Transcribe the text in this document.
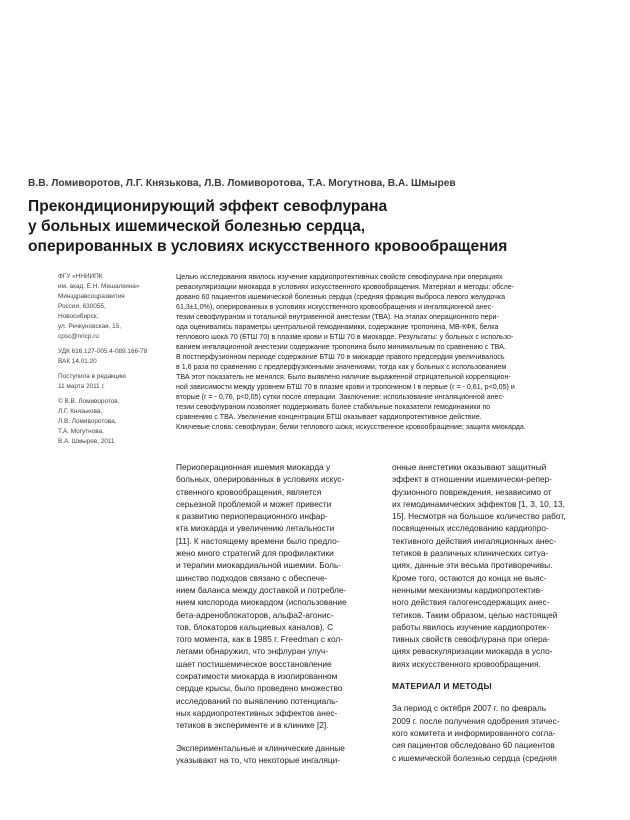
В.В. Ломиворотов, Л.Г. Князькова, Л.В. Ломиворотова, Т.А. Могутнова, В.А. Шмырев
Прекондиционирующий эффект севофлурана
у больных ишемической болезнью сердца,
оперированных в условиях искусственного кровообращения
ФГУ «ННИИПК
им. акад. Е.Н. Мешалкина»
Минздравсоцразвития
России, 630055,
Новосибирск,
ул. Речкуновская, 15,
cpsc@nricp.ru
УДК 616.127-005.4-089.166-78
ВАК 14.01.20
Поступила в редакцию
11 марта 2011 г.
© В.В. Ломиворотов,
Л.Г. Князькова,
Л.В. Ломиворотова,
Т.А. Могутнова,
В.А. Шмырев, 2011
Целью исследования явилось изучение кардиопротективных свойств севофлурана при операциях
реваскуляризации миокарда в условиях искусственного кровообращения. Материал и методы: обсле-
довано 60 пациентов ишемической болезнью сердца (средняя фракция выброса левого желудочка
61,3±1,0%), оперированных в условиях искусственного кровообращения и ингаляционной анес-
тезии севофлураном и тотальной внутривенной анестезии (ТВА). На этапах операционного пери-
ода оценивались параметры центральной гемодинамики, содержание тропонина, МВ-КФК, белка
теплового шока 70 (БТШ 70) в плазме крови и БТШ 70 в миокарде. Результаты: у больных с использо-
ванием ингаляционной анестезии содержание тропонина было минимальным по сравнению с ТВА.
В постперфузионном периоде содержание БТШ 70 в миокарде правого предсердия увеличивалось
в 1,6 раза по сравнению с предперфузионными значениями, тогда как у больных с использованием
ТВА этот показатель не менялся. Было выявлено наличие выраженной отрицательной корреляцион-
ной зависимости между уровнем БТШ 70 в плазме крови и тропонином I в первые (r = - 0,61, p<0,05) и
вторые (r = - 0,76, p<0,05) сутки после операции. Заключение: использование ингаляционной анес-
тезии севофлураном позволяет поддерживать более стабильные показатели гемодинамики по
сравнению с ТВА. Увеличение концентрации БТШ оказывает кардиопротективное действие.
Ключевые слова: севофлуран; белки теплового шока; искусственное кровообращение; защита миокарда.
Периоперационная ишемия миокарда у
больных, оперированных в условиях искус-
ственного кровообращения, является
серьезной проблемой и может привести
к развитию периоперационного инфар-
кта миокарда и увеличению летальности
[11]. К настоящему времени было предло-
жено много стратегий для профилактики
и терапии миокардиальной ишемии. Боль-
шинство подходов связано с обеспече-
нием баланса между доставкой и потребле-
нием кислорода миокардом (использование
бета-адреноблокаторов, альфа2-агонис-
тов, блокаторов кальциевых каналов). С
того момента, как в 1985 г. Freedman с кол-
легами обнаружил, что энфлуран улуч-
шает постишемическое восстановление
сократимости миокарда в изолированном
сердце крысы, было проведено множество
исследований по выявлению потенциаль-
ных кардиопротективных эффектов анес-
тетиков в эксперименте и в клинике [2].
Экспериментальные и клинические данные
указывают на то, что некоторые ингаляци-
онные анестетики оказывают защитный
эффект в отношении ишемически-репер-
фузионного повреждения, независимо от
их гемодинамических эффектов [1, 3, 10, 13,
15]. Несмотря на большое количество работ,
посвященных исследованию кардиопро-
тективного действия ингаляционных анес-
тетиков в различных клинических ситуа-
циях, данные эти весьма противоречивы.
Кроме того, остаются до конца не выяс-
ненными механизмы кардиопротектив-
ного действия галогенсодержащих анес-
тетиков. Таким образом, целью настоящей
работы явилось изучение кардиопротек-
тивных свойств севофлурана при опера-
циях реваскуляризации миокарда в усло-
виях искусственного кровообращения.
МАТЕРИАЛ И МЕТОДЫ
За период с октября 2007 г. по февраль
2009 г. после получения одобрения этичес-
кого комитета и информированного согла-
сия пациентов обследовано 60 пациентов
с ишемической болезнью сердца (средняя
